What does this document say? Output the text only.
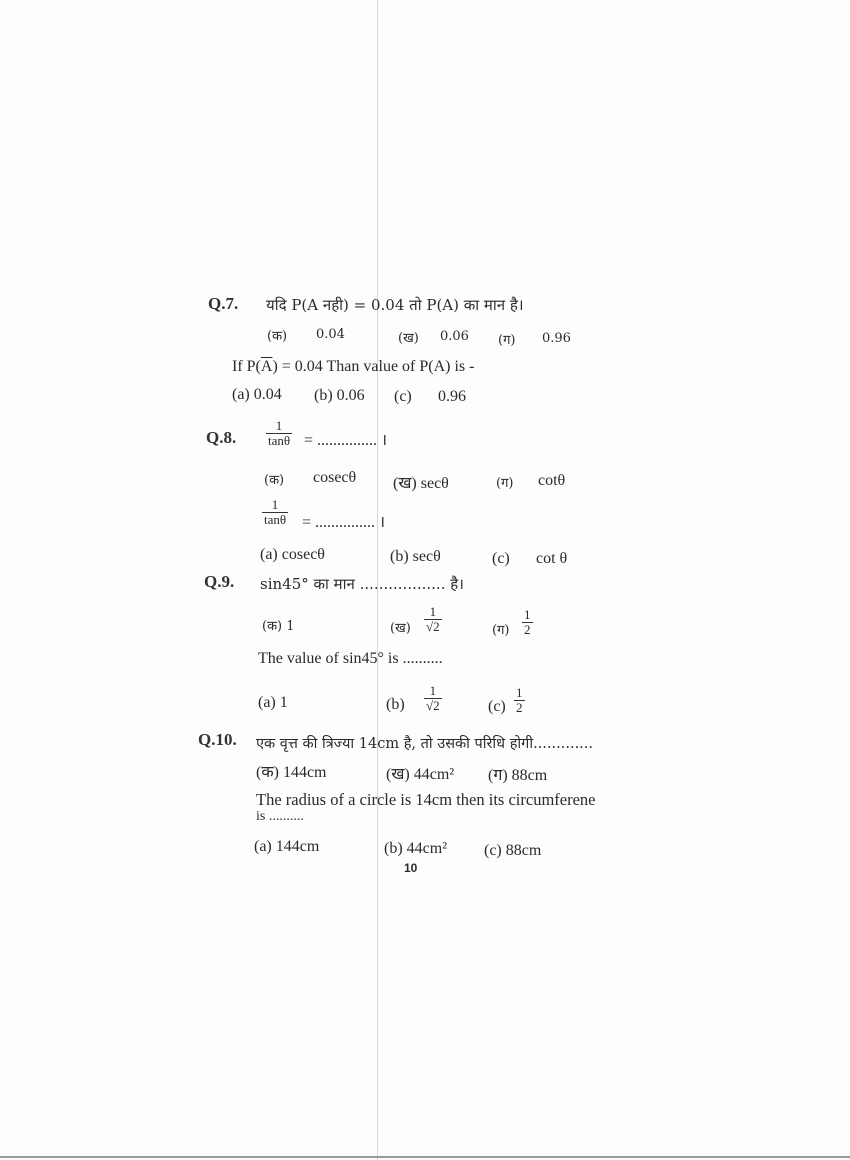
Q.7. यदि P(A नही) = 0.04 तो P(A) का मान है।
(क) 0.04	(ख) 0.06 (ग) 0.96
If $P(\overline{A}) = 0.04$ Than value of P(A) is -
(a) 0.04 (b) 0.06 (c) 0.96
Q.8. $\frac{1}{\tan\theta}$ = ............... ।
(क) cosecθ (ख) secθ	(ग) cotθ
$\frac{1}{\tan\theta}$ = ............... ।
(a) cosecθ	(b) secθ	(c) cot θ
Q.9. sin45° का मान .................. है।
(क) 1	(ख) $\frac{1}{√2}$	(ग) $\frac{1}{2}$
The value of sin45° is ..........
(a) 1	$(b) \frac{1}{√2}$	$(c) \frac{1}{2}$
Q.10. एक वृत्त की त्रिज्या 14cm है, तो उसकी परिधि होगी.............
(क) 144cm	(ख) 44cm² (ग) 88cm
The radius of a circle is 14cm then its circumferene
is ..........
(a) 144cm	(b) 44cm² (c) 88cm
10
